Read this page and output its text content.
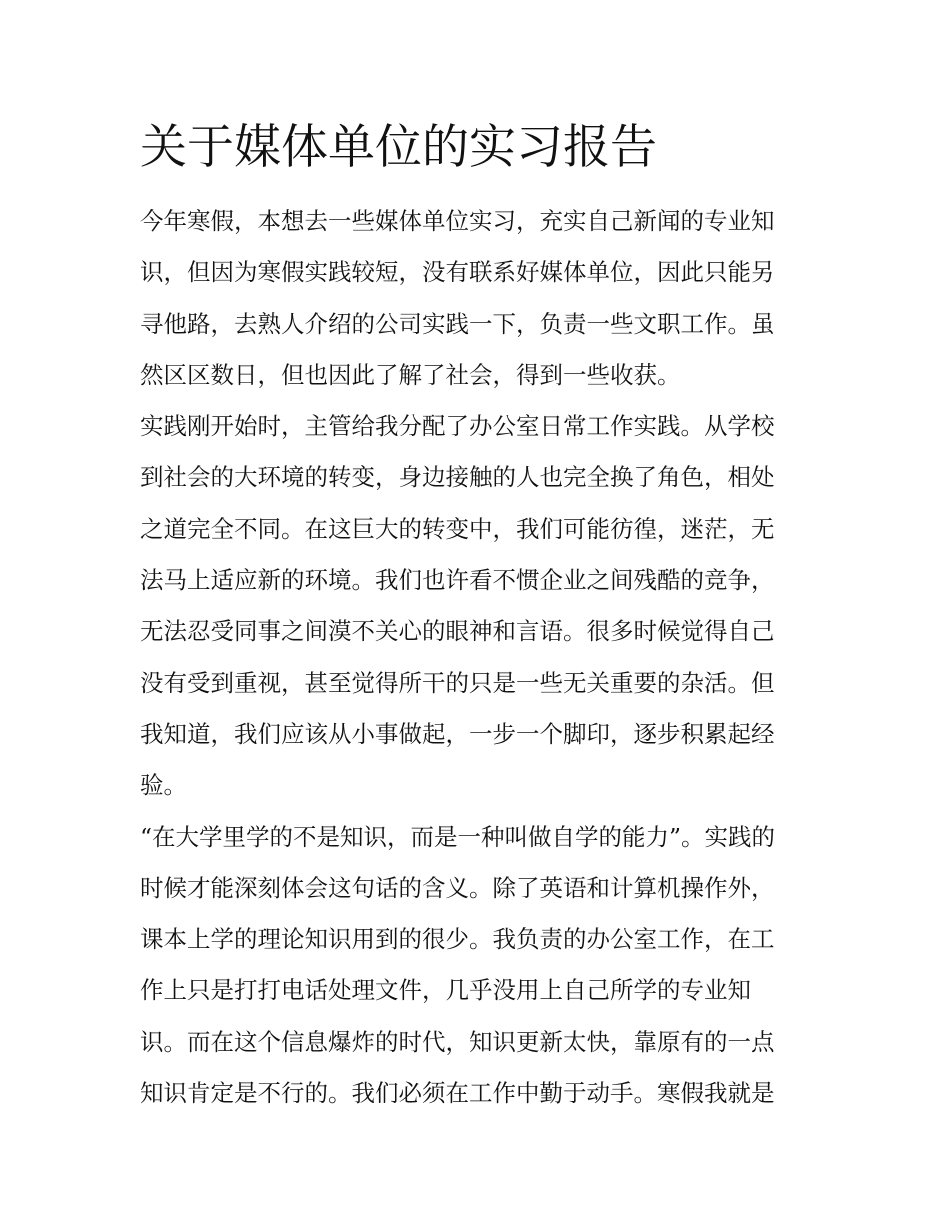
关于媒体单位的实习报告
今年寒假，本想去一些媒体单位实习，充实自己新闻的专业知
识，但因为寒假实践较短，没有联系好媒体单位，因此只能另
寻他路，去熟人介绍的公司实践一下，负责一些文职工作。虽
然区区数日，但也因此了解了社会，得到一些收获。
实践刚开始时，主管给我分配了办公室日常工作实践。从学校
到社会的大环境的转变，身边接触的人也完全换了角色，相处
之道完全不同。在这巨大的转变中，我们可能彷徨，迷茫，无
法马上适应新的环境。我们也许看不惯企业之间残酷的竞争，
无法忍受同事之间漠不关心的眼神和言语。很多时候觉得自己
没有受到重视，甚至觉得所干的只是一些无关重要的杂活。但
我知道，我们应该从小事做起，一步一个脚印，逐步积累起经
验。
“在大学里学的不是知识，而是一种叫做自学的能力”。实践的
时候才能深刻体会这句话的含义。除了英语和计算机操作外，
课本上学的理论知识用到的很少。我负责的办公室工作，在工
作上只是打打电话处理文件，几乎没用上自己所学的专业知
识。而在这个信息爆炸的时代，知识更新太快，靠原有的一点
知识肯定是不行的。我们必须在工作中勤于动手。寒假我就是
